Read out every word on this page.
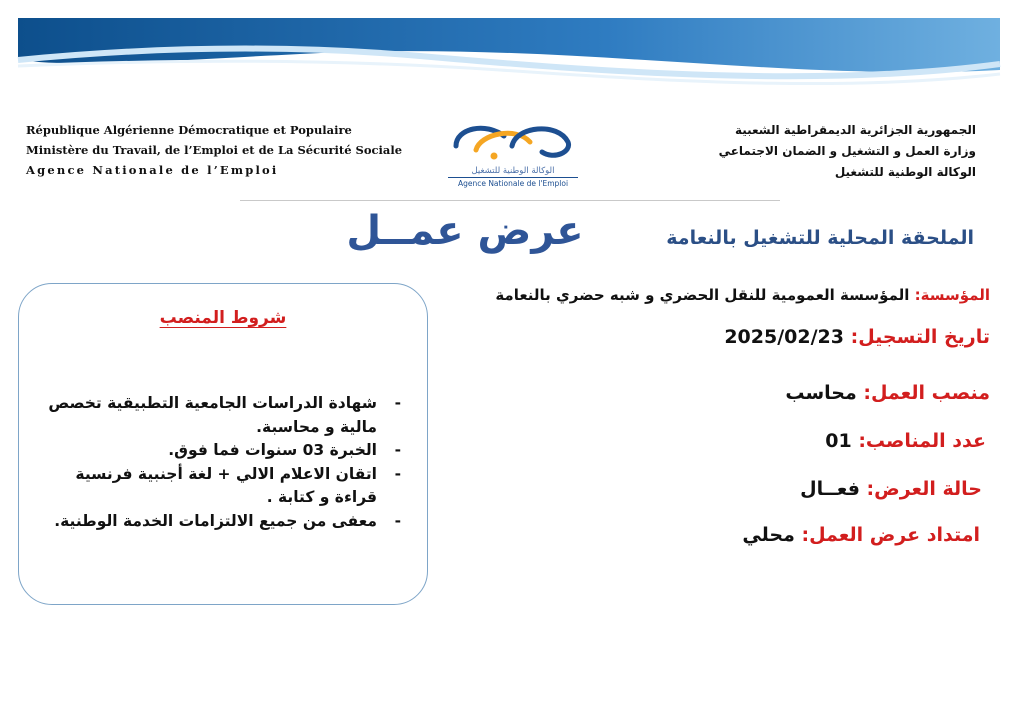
République Algérienne Démocratique et Populaire
Ministère du Travail, de l’Emploi et de La Sécurité Sociale
Agence Nationale de l’Emploi	الوكالة الوطنية للتشغيل
Agence Nationale de l'Emploi
الجمهورية الجزائرية الديمقراطية الشعبية
وزارة العمل و التشغيل و الضمان الاجتماعي
الوكالة الوطنية للتشغيل
الملحقة المحلية للتشغيل بالنعامة
عرض عمــل
شروط المنصب
-
شهادة الدراسات الجامعية التطبيقية تخصص مالية و محاسبة.
-
الخبرة 03 سنوات فما فوق.
-
اتقان الاعلام الالي + لغة أجنبية فرنسية قراءة و كتابة .
-
معفى من جميع الالتزامات الخدمة الوطنية.
المؤسسة: المؤسسة العمومية للنقل الحضري و شبه حضري بالنعامة
تاريخ التسجيل: 2025/02/23
منصب العمل: محاسب
عدد المناصب: 01
حالة العرض: فعــال
امتداد عرض العمل: محلي
